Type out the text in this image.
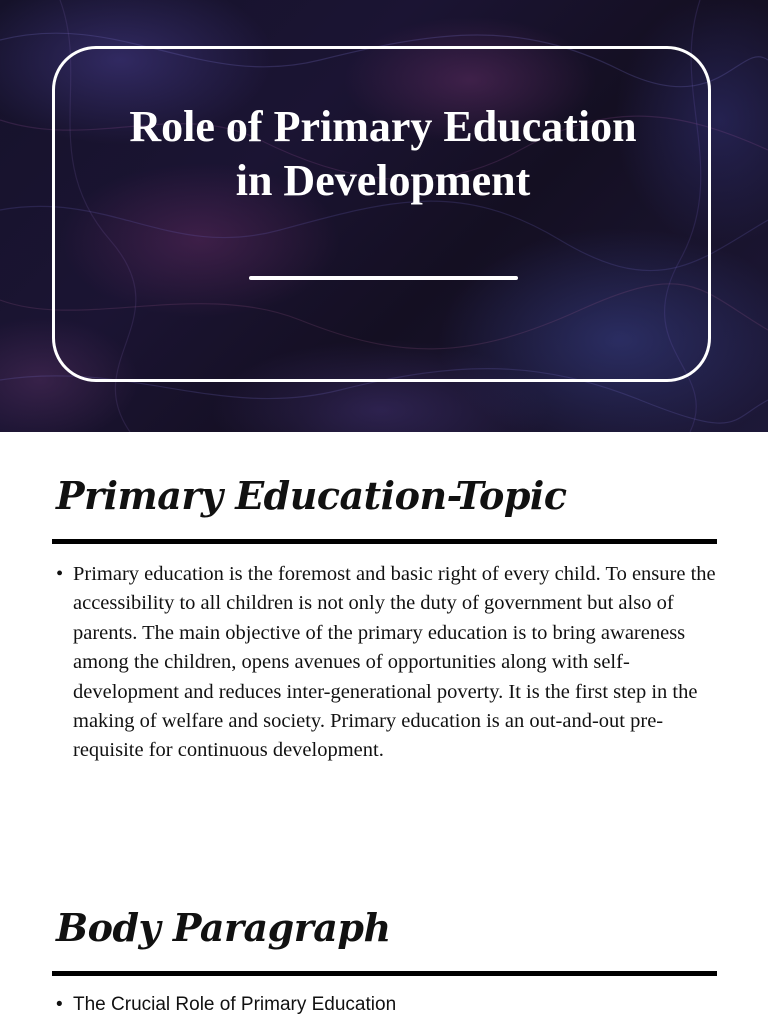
Role of Primary Education
in Development
Primary Education-Topic

• Primary education is the foremost and basic right of every child. To ensure the accessibility to all children is not only the duty of government but also of parents. The main objective of the primary education is to bring awareness among the children, opens avenues of opportunities along with self-development and reduces inter-generational poverty. It is the first step in the making of welfare and society. Primary education is an out-and-out pre-requisite for continuous development.

Body Paragraph

• The Crucial Role of Primary Education
